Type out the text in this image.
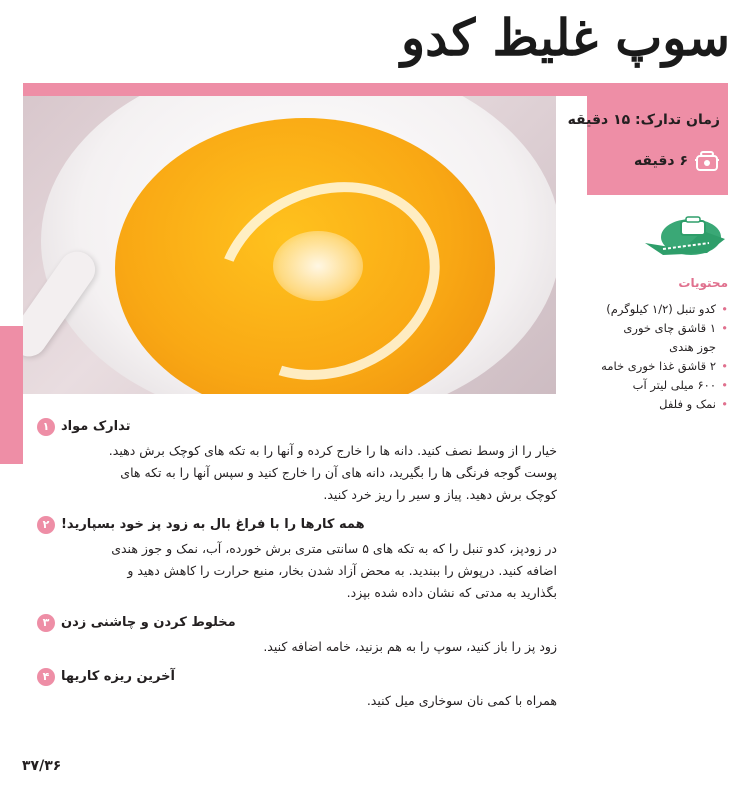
سوپ غلیظ کدو
زمان تدارک: ۱۵ دقیقه
۶ دقیقه
محتویات
• کدو تنبل (۱/۲ کیلوگرم)
• ۱ قاشق چای خوری
جوز هندی
• ۲ قاشق غذا خوری خامه
• ۶۰۰ میلی لیتر آب
• نمک و فلفل
۱ تدارک مواد
خیار را از وسط نصف کنید. دانه ها را خارج کرده و آنها را به تکه های کوچک برش دهید.
پوست گوجه فرنگی ها را بگیرید، دانه های آن را خارج کنید و سپس آنها را به تکه های
کوچک برش دهید. پیاز و سیر را ریز خرد کنید.
۲ همه کارها را با فراغ بال به زود پز خود بسپارید!
در زودپز، کدو تنبل را که به تکه های ۵ سانتی متری برش خورده، آب، نمک و جوز هندی
اضافه کنید. درپوش را ببندید. به محض آزاد شدن بخار، منبع حرارت را کاهش دهید و
بگذارید به مدتی که نشان داده شده بپزد.
۳ مخلوط کردن و چاشنی زدن
زود پز را باز کنید، سوپ را به هم بزنید، خامه اضافه کنید.
۴ آخرین ریزه کاریها
همراه با کمی نان سوخاری میل کنید.
۳۷/۳۶
